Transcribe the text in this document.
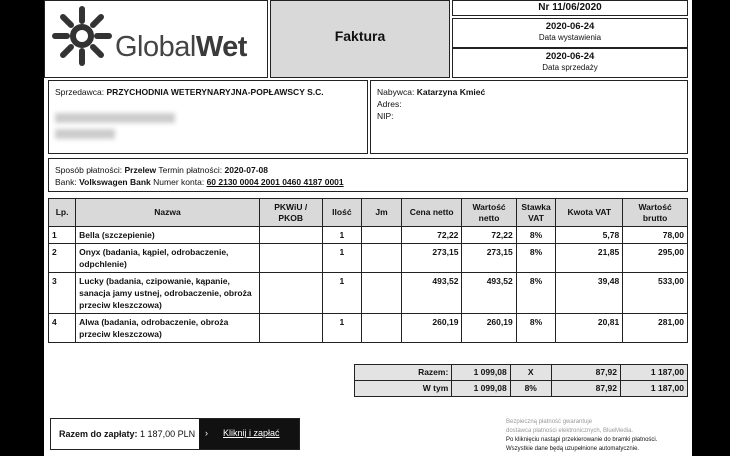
GlobalWet	Faktura
Nr 11/06/2020
2020-06-24
Data wystawienia
2020-06-24
Data sprzedaży
Sprzedawca: PRZYCHODNIA WETERYNARYJNA-POPŁAWSCY S.C.	Nabywca: Katarzyna Kmieć
Adres:
NIP:
Sposób płatności: Przelew Termin płatności: 2020-07-08
Bank: Volkswagen Bank Numer konta: 60 2130 0004 2001 0460 4187 0001
Lp.	Nazwa	PKWiU / PKOB	Ilość	Jm	Cena netto	Wartość netto	Stawka VAT	Kwota VAT	Wartość brutto
1	Bella (szczepienie)		1		72,22	72,22	8%	5,78	78,00
2	Onyx (badania, kąpiel, odrobaczenie, odpchlenie)		1		273,15	273,15	8%	21,85	295,00
3	Lucky (badania, czipowanie, kąpanie, sanacja jamy ustnej, odrobaczenie, obroża przeciw kleszczowa)		1		493,52	493,52	8%	39,48	533,00
4	Alwa (badania, odrobaczenie, obroża przeciw kleszczowa)		1		260,19	260,19	8%	20,81	281,00
Razem:	1 099,08	X	87,92	1 187,00
W tym	1 099,08	8%	87,92	1 187,00
Razem do zapłaty: 1 187,00 PLN › Kliknij i zapłać
Bezpieczną płatność gwarantuje
dostawca płatności elektronicznych, BlueMedia.
Po kliknięciu nastąpi przekierowanie do bramki płatności.
Wszystkie dane będą uzupełnione automatycznie.
